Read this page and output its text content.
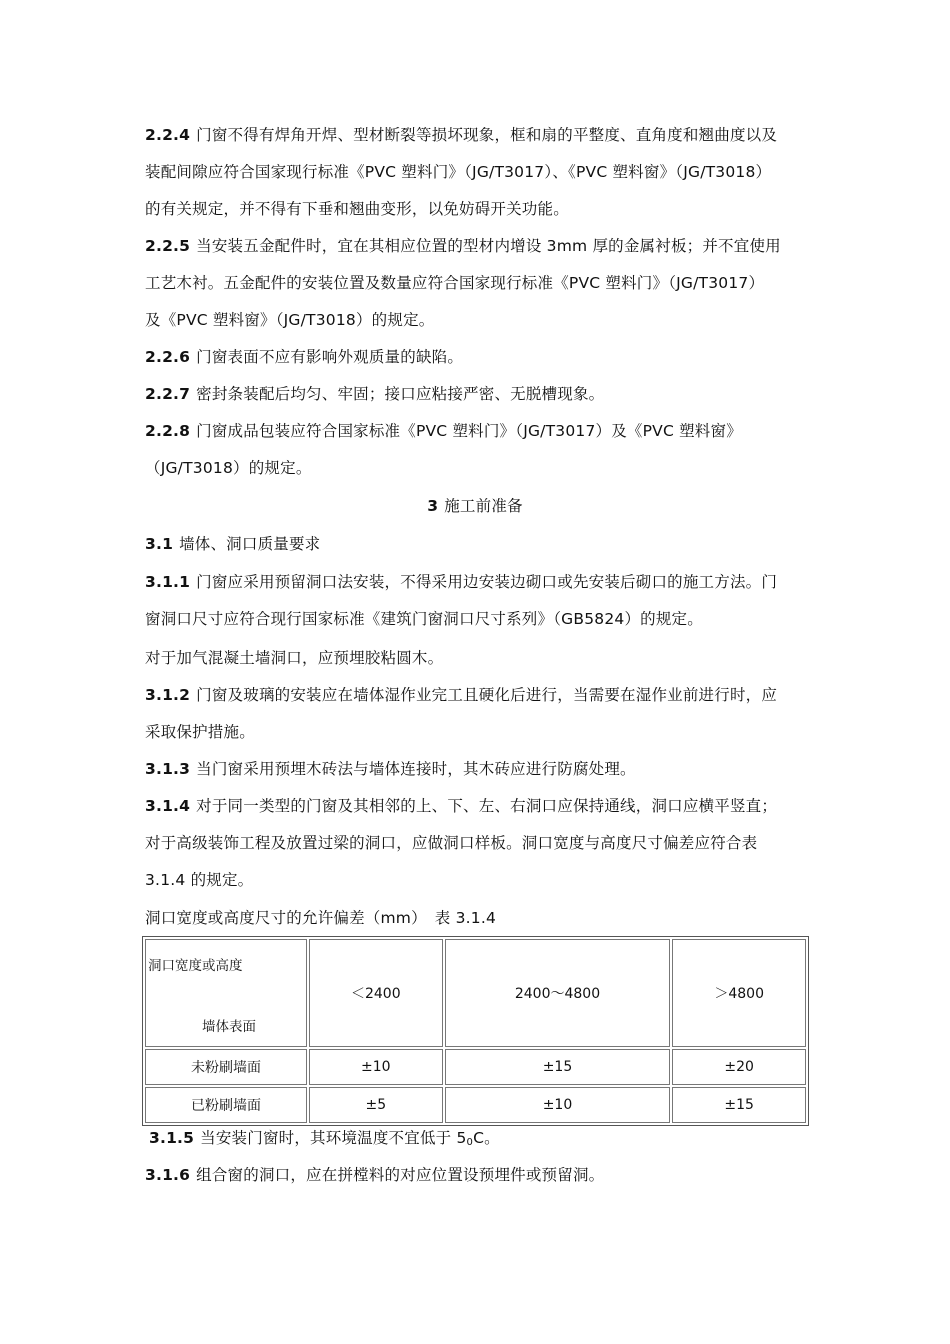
2.2.4 门窗不得有焊角开焊、型材断裂等损坏现象，框和扇的平整度、直角度和翘曲度以及
装配间隙应符合国家现行标准《PVC 塑料门》（JG/T3017）、《PVC 塑料窗》（JG/T3018）
的有关规定，并不得有下垂和翘曲变形，以免妨碍开关功能。
2.2.5 当安装五金配件时，宜在其相应位置的型材内增设 3mm 厚的金属衬板；并不宜使用
工艺木衬。五金配件的安装位置及数量应符合国家现行标准《PVC 塑料门》（JG/T3017）
及《PVC 塑料窗》（JG/T3018）的规定。
2.2.6 门窗表面不应有影响外观质量的缺陷。
2.2.7 密封条装配后均匀、牢固；接口应粘接严密、无脱槽现象。
2.2.8 门窗成品包装应符合国家标准《PVC 塑料门》（JG/T3017）及《PVC 塑料窗》
（JG/T3018）的规定。
3 施工前准备
3.1 墙体、洞口质量要求
3.1.1 门窗应采用预留洞口法安装，不得采用边安装边砌口或先安装后砌口的施工方法。门
窗洞口尺寸应符合现行国家标准《建筑门窗洞口尺寸系列》（GB5824）的规定。
对于加气混凝土墙洞口，应预埋胶粘圆木。
3.1.2 门窗及玻璃的安装应在墙体湿作业完工且硬化后进行，当需要在湿作业前进行时，应
采取保护措施。
3.1.3 当门窗采用预埋木砖法与墙体连接时，其木砖应进行防腐处理。
3.1.4 对于同一类型的门窗及其相邻的上、下、左、右洞口应保持通线，洞口应横平竖直；
对于高级装饰工程及放置过梁的洞口，应做洞口样板。洞口宽度与高度尺寸偏差应符合表
3.1.4 的规定。
洞口宽度或高度尺寸的允许偏差（mm）　表 3.1.4
洞口宽度或高度
墙体表面	＜2400	2400～4800	＞4800
未粉刷墙面	±10	±15	±20
已粉刷墙面	±5	±10	±15
3.1.5 当安装门窗时，其环境温度不宜低于 $5_0C$。
3.1.6 组合窗的洞口，应在拼樘料的对应位置设预埋件或预留洞。
